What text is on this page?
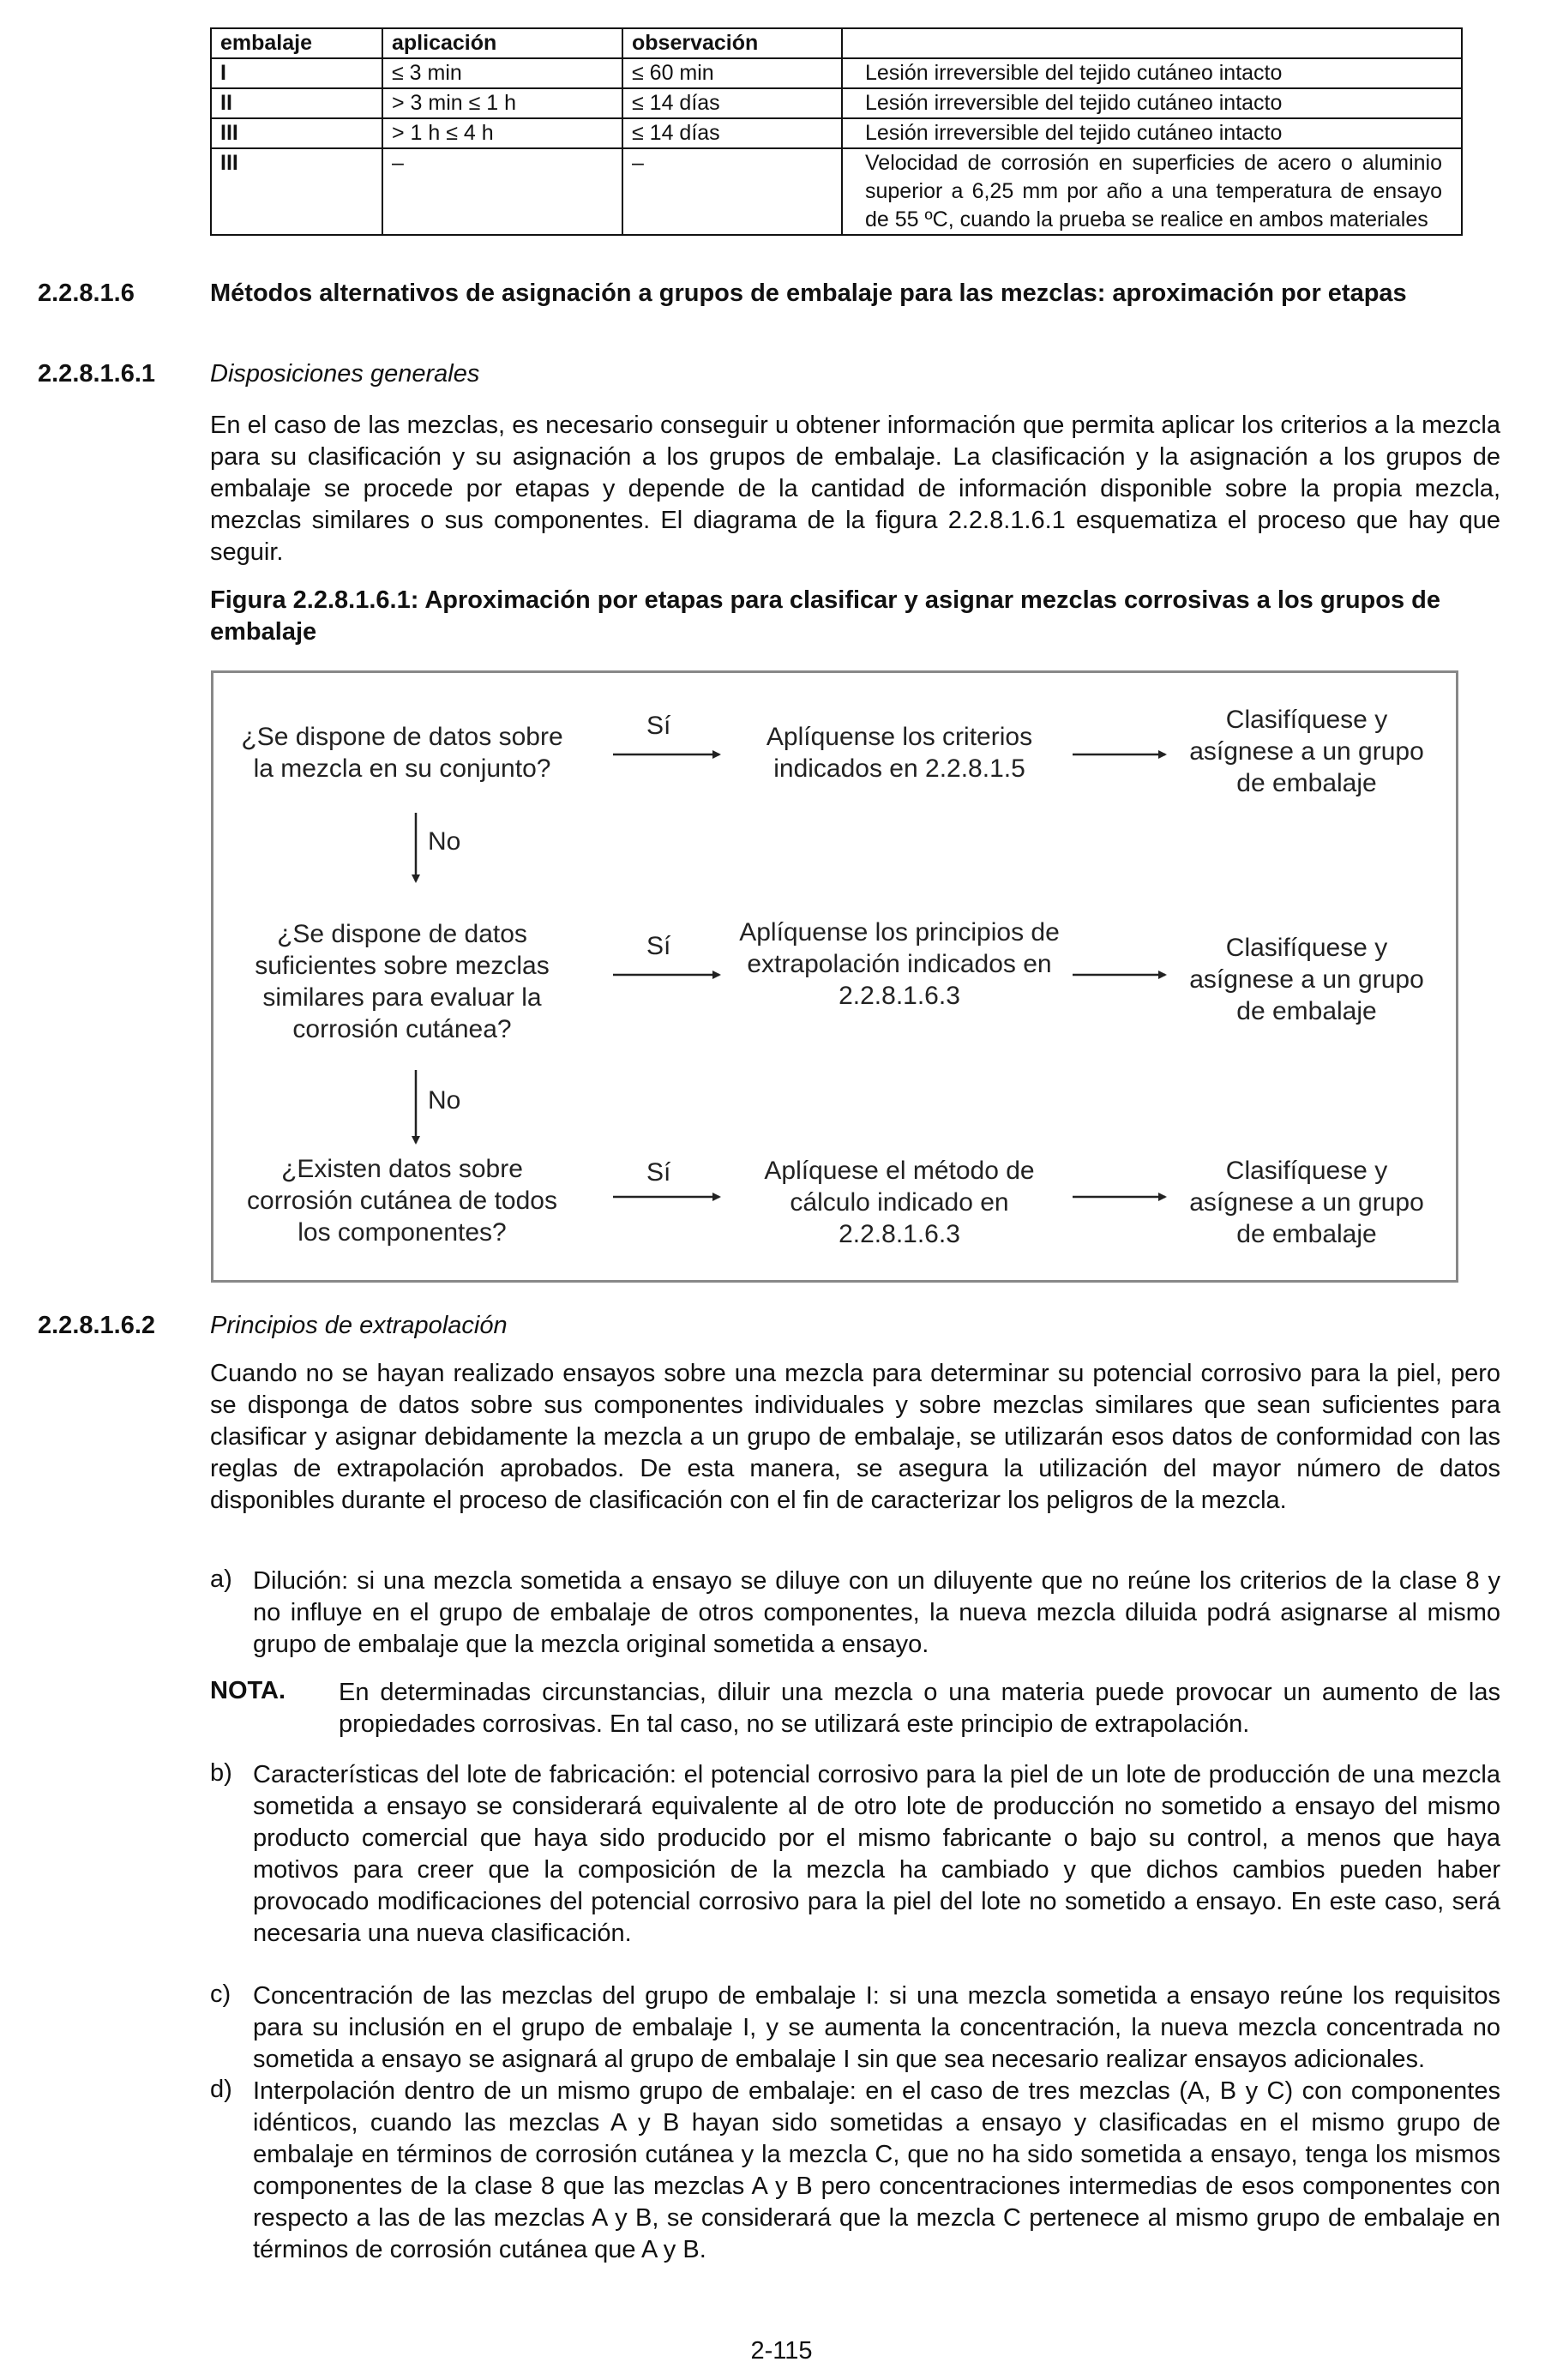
embalaje	aplicación	observación	
I	≤ 3 min	≤ 60 min	Lesión irreversible del tejido cutáneo intacto
II	> 3 min ≤ 1 h	≤ 14 días	Lesión irreversible del tejido cutáneo intacto
III	> 1 h ≤ 4 h	≤ 14 días	Lesión irreversible del tejido cutáneo intacto
III	–	–	Velocidad de corrosión en superficies de acero o aluminio superior a 6,25 mm por año a una temperatura de ensayo de 55 ºC, cuando la prueba se realice en ambos materiales
2.2.8.1.6	Métodos alternativos de asignación a grupos de embalaje para las mezclas: aproximación por etapas
2.2.8.1.6.1 Disposiciones generales

En el caso de las mezclas, es necesario conseguir u obtener información que permita aplicar los criterios a la mezcla para su clasificación y su asignación a los grupos de embalaje. La clasificación y la asignación a los grupos de embalaje se procede por etapas y depende de la cantidad de información disponible sobre la propia mezcla, mezclas similares o sus componentes. El diagrama de la figura 2.2.8.1.6.1 esquematiza el proceso que hay que seguir.

Figura 2.2.8.1.6.1: Aproximación por etapas para clasificar y asignar mezclas corrosivas a los grupos de embalaje
¿Se dispone de datos sobre la mezcla en su conjunto?
Sí	Aplíquense los criterios indicados en 2.2.8.1.5
Clasifíquese y asígnese a un grupo de embalaje
No
¿Se dispone de datos suficientes sobre mezclas similares para evaluar la corrosión cutánea?
Sí	Aplíquense los principios de extrapolación indicados en 2.2.8.1.6.3
Clasifíquese y asígnese a un grupo de embalaje
No
¿Existen datos sobre corrosión cutánea de todos los componentes?
Sí	Aplíquese el método de cálculo indicado en 2.2.8.1.6.3
Clasifíquese y asígnese a un grupo de embalaje
2.2.8.1.6.2 Principios de extrapolación

Cuando no se hayan realizado ensayos sobre una mezcla para determinar su potencial corrosivo para la piel, pero se disponga de datos sobre sus componentes individuales y sobre mezclas similares que sean suficientes para clasificar y asignar debidamente la mezcla a un grupo de embalaje, se utilizarán esos datos de conformidad con las reglas de extrapolación aprobados. De esta manera, se asegura la utilización del mayor número de datos disponibles durante el proceso de clasificación con el fin de caracterizar los peligros de la mezcla.

a) Dilución: si una mezcla sometida a ensayo se diluye con un diluyente que no reúne los criterios de la clase 8 y no influye en el grupo de embalaje de otros componentes, la nueva mezcla diluida podrá asignarse al mismo grupo de embalaje que la mezcla original sometida a ensayo.

NOTA. En determinadas circunstancias, diluir una mezcla o una materia puede provocar un aumento de las propiedades corrosivas. En tal caso, no se utilizará este principio de extrapolación.

b) Características del lote de fabricación: el potencial corrosivo para la piel de un lote de producción de una mezcla sometida a ensayo se considerará equivalente al de otro lote de producción no sometido a ensayo del mismo producto comercial que haya sido producido por el mismo fabricante o bajo su control, a menos que haya motivos para creer que la composición de la mezcla ha cambiado y que dichos cambios pueden haber provocado modificaciones del potencial corrosivo para la piel del lote no sometido a ensayo. En este caso, será necesaria una nueva clasificación.

c) Concentración de las mezclas del grupo de embalaje I: si una mezcla sometida a ensayo reúne los requisitos para su inclusión en el grupo de embalaje I, y se aumenta la concentración, la nueva mezcla concentrada no sometida a ensayo se asignará al grupo de embalaje I sin que sea necesario realizar ensayos adicionales.

d) Interpolación dentro de un mismo grupo de embalaje: en el caso de tres mezclas (A, B y C) con componentes idénticos, cuando las mezclas A y B hayan sido sometidas a ensayo y clasificadas en el mismo grupo de embalaje en términos de corrosión cutánea y la mezcla C, que no ha sido sometida a ensayo, tenga los mismos componentes de la clase 8 que las mezclas A y B pero concentraciones intermedias de esos componentes con respecto a las de las mezclas A y B, se considerará que la mezcla C pertenece al mismo grupo de embalaje en términos de corrosión cutánea que A y B.

2-115
